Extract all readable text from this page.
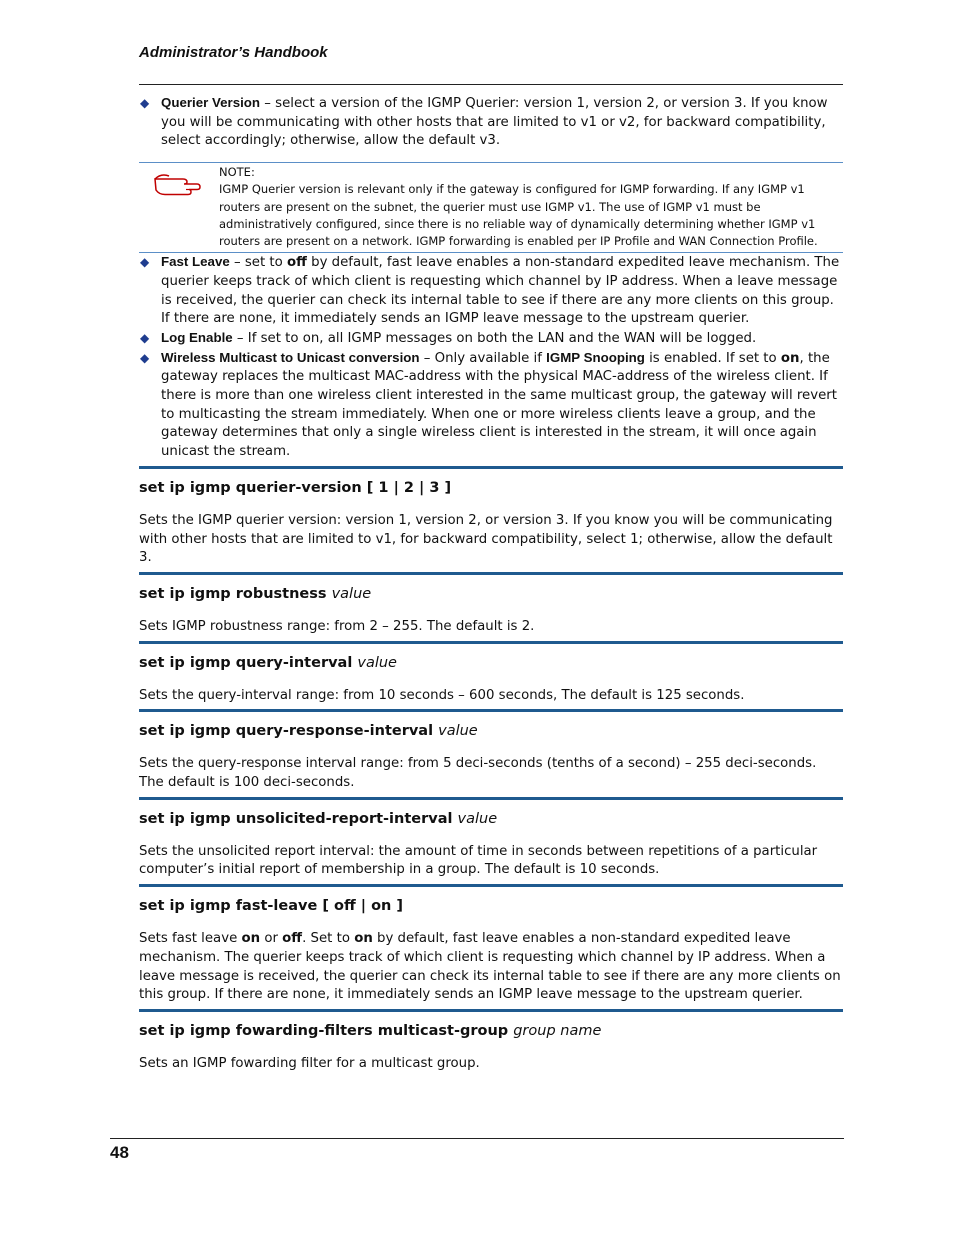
Administrator’s Handbook
◆ Querier Version – select a version of the IGMP Querier: version 1, version 2, or version 3. If you know you will be communicating with other hosts that are limited to v1 or v2, for backward compatibility, select accordingly; otherwise, allow the default v3.
NOTE:
IGMP Querier version is relevant only if the gateway is configured for IGMP forwarding. If any IGMP v1 routers are present on the subnet, the querier must use IGMP v1. The use of IGMP v1 must be administratively configured, since there is no reliable way of dynamically determining whether IGMP v1 routers are present on a network. IGMP forwarding is enabled per IP Profile and WAN Connection Profile.
◆ Fast Leave – set to off by default, fast leave enables a non-standard expedited leave mechanism. The querier keeps track of which client is requesting which channel by IP address. When a leave message is received, the querier can check its internal table to see if there are any more clients on this group. If there are none, it immediately sends an IGMP leave message to the upstream querier.
◆ Log Enable – If set to on, all IGMP messages on both the LAN and the WAN will be logged.
◆ Wireless Multicast to Unicast conversion – Only available if IGMP Snooping is enabled. If set to on, the gateway replaces the multicast MAC-address with the physical MAC-address of the wireless client. If there is more than one wireless client interested in the same multicast group, the gateway will revert to multicasting the stream immediately. When one or more wireless clients leave a group, and the gateway determines that only a single wireless client is interested in the stream, it will once again unicast the stream.
set ip igmp querier-version [ 1 | 2 | 3 ]
Sets the IGMP querier version: version 1, version 2, or version 3. If you know you will be communicating with other hosts that are limited to v1, for backward compatibility, select 1; otherwise, allow the default 3.
set ip igmp robustness value
Sets IGMP robustness range: from 2 – 255. The default is 2.
set ip igmp query-interval value
Sets the query-interval range: from 10 seconds – 600 seconds, The default is 125 seconds.
set ip igmp query-response-interval value
Sets the query-response interval range: from 5 deci-seconds (tenths of a second) – 255 deci-seconds. The default is 100 deci-seconds.
set ip igmp unsolicited-report-interval value
Sets the unsolicited report interval: the amount of time in seconds between repetitions of a particular computer’s initial report of membership in a group. The default is 10 seconds.
set ip igmp fast-leave [ off | on ]
Sets fast leave on or off. Set to on by default, fast leave enables a non-standard expedited leave mechanism. The querier keeps track of which client is requesting which channel by IP address. When a leave message is received, the querier can check its internal table to see if there are any more clients on this group. If there are none, it immediately sends an IGMP leave message to the upstream querier.
set ip igmp fowarding-filters multicast-group group name
Sets an IGMP fowarding filter for a multicast group.
48
